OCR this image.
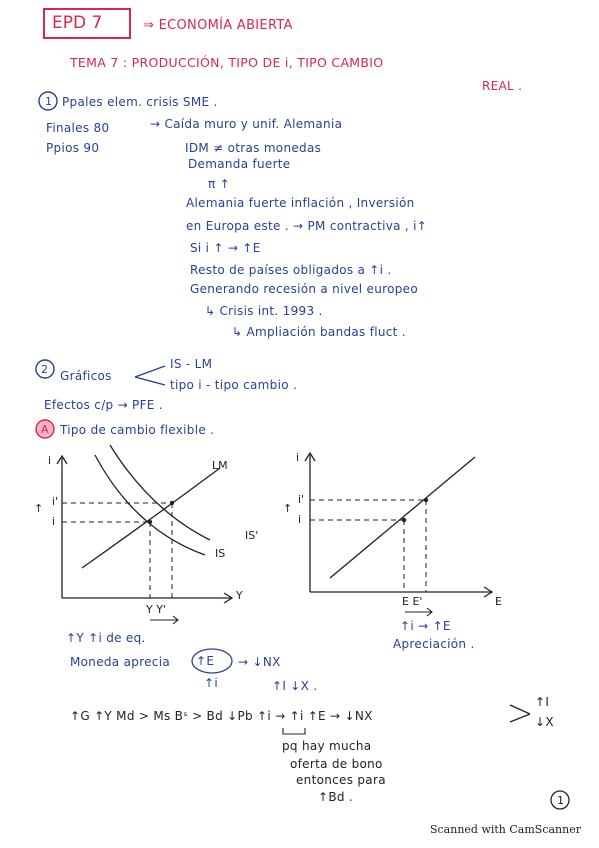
EPD 7	⇒ ECONOMÍA ABIERTA
TEMA 7 : PRODUCCIÓN, TIPO DE i, TIPO CAMBIO
REAL .
1 Ppales elem. crisis SME .
Finales 80	→ Caída muro y unif. Alemania
Ppios 90	IDM ≠ otras monedas
Demanda fuerte
π ↑
Alemania fuerte inflación , Inversión
en Europa este . → PM contractiva , i↑
Si i ↑ → ↑E
Resto de países obligados a ↑i .
Generando recesión a nivel europeo
↳ Crisis int. 1993 .
↳ Ampliación bandas fluct .
2 Gráficos
IS - LM
tipo i - tipo cambio .
Efectos c/p → PFE .
A Tipo de cambio flexible .
i
Y
LM
IS'
IS
i'
i
↑
Y Y'
i
E
i'
i
↑
E E'
↑Y ↑i de eq.
↑i → ↑E
Apreciación .
Moneda aprecia ↑E → ↓NX
↑i	↑I ↓X .
↑G ↑Y Md > Ms Bˢ > Bd ↓Pb ↑i → ↑i ↑E → ↓NX
↑I
↓X
pq hay mucha
oferta de bono
entonces para
↑Bd .	1
Scanned with CamScanner
